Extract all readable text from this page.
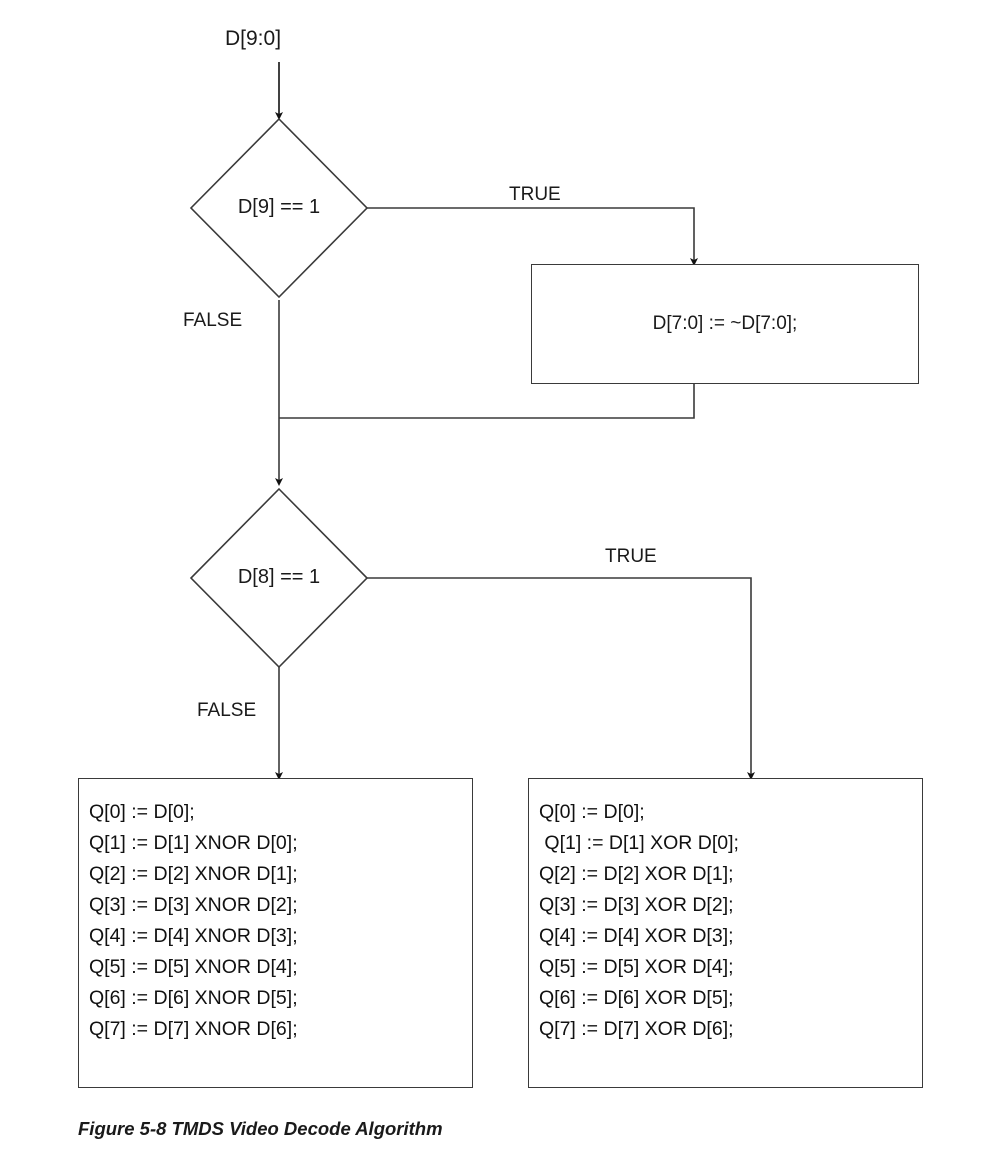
D[9:0]
D[9] == 1
D[8] == 1
TRUE
FALSE
TRUE
FALSE
D[7:0] := ~D[7:0];
Q[0] := D[0];
Q[1] := D[1] XNOR D[0];
Q[2] := D[2] XNOR D[1];
Q[3] := D[3] XNOR D[2];
Q[4] := D[4] XNOR D[3];
Q[5] := D[5] XNOR D[4];
Q[6] := D[6] XNOR D[5];
Q[7] := D[7] XNOR D[6];
Q[0] := D[0];
Q[1] := D[1] XOR D[0];
Q[2] := D[2] XOR D[1];
Q[3] := D[3] XOR D[2];
Q[4] := D[4] XOR D[3];
Q[5] := D[5] XOR D[4];
Q[6] := D[6] XOR D[5];
Q[7] := D[7] XOR D[6];
Figure 5-8 TMDS Video Decode Algorithm
